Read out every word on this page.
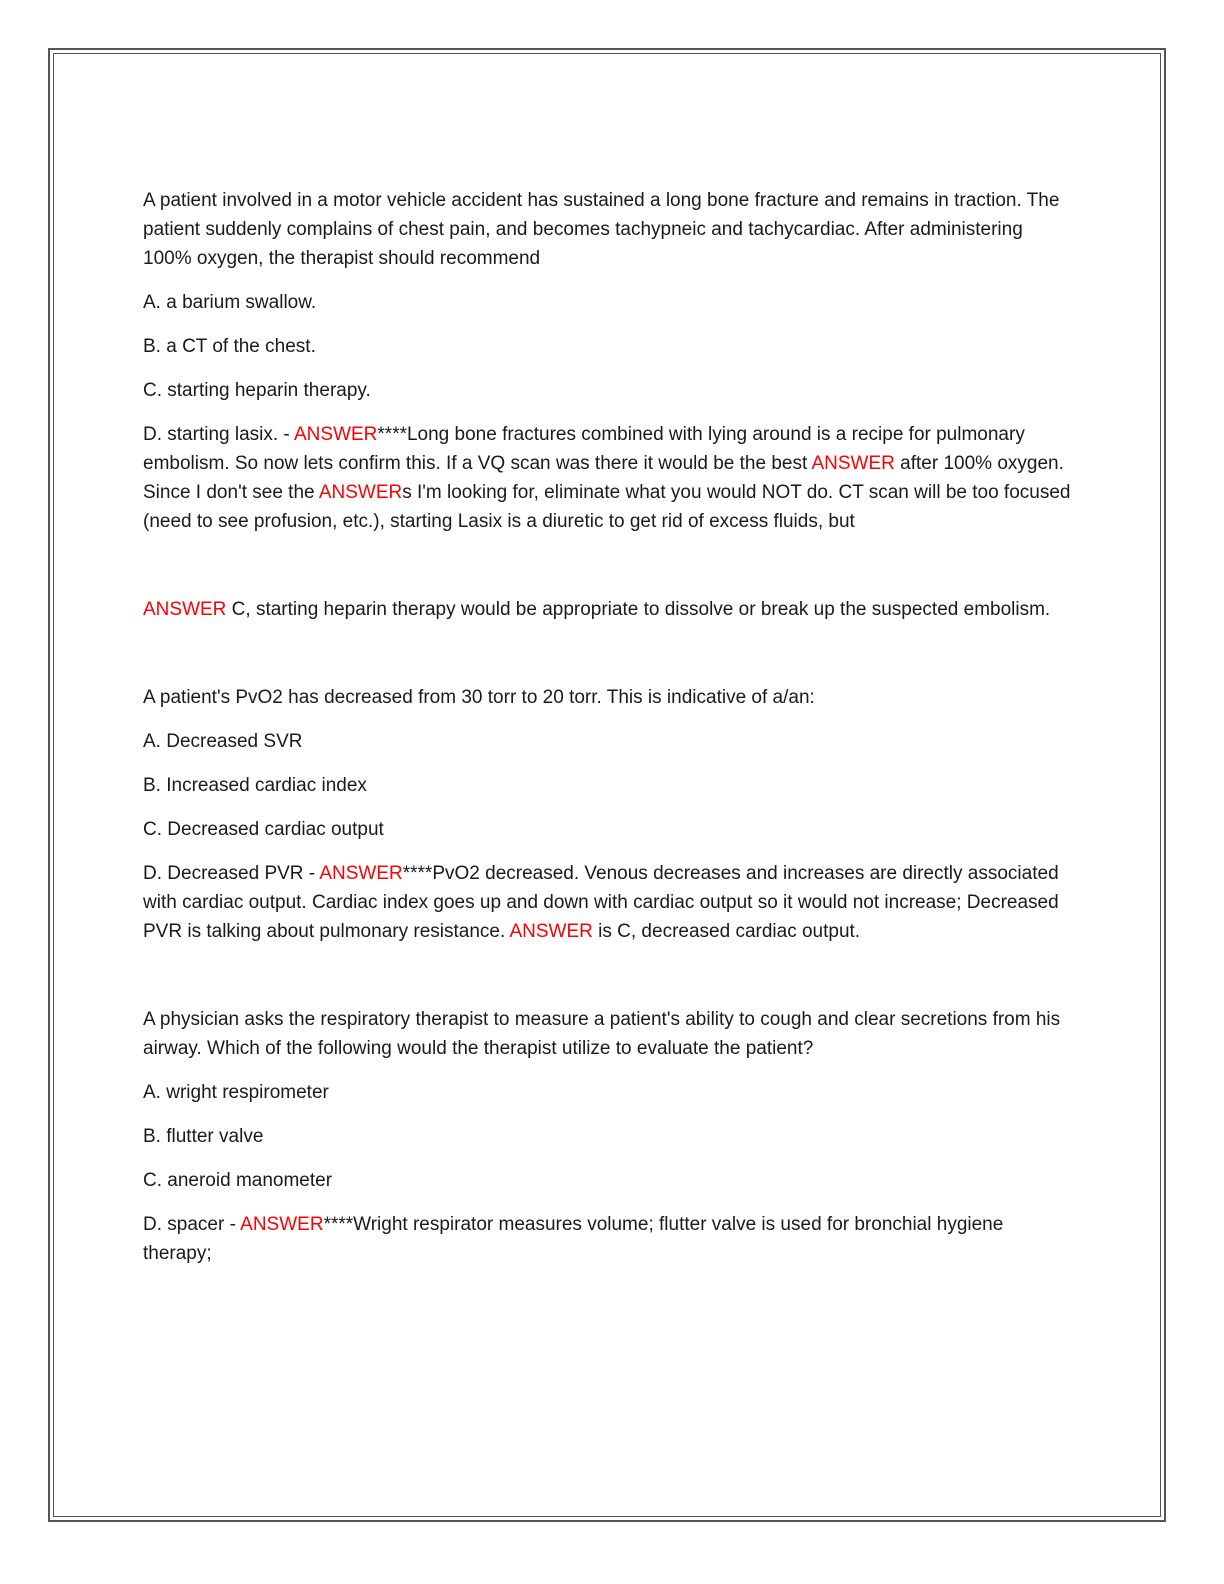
A patient involved in a motor vehicle accident has sustained a long bone fracture and remains in traction. The patient suddenly complains of chest pain, and becomes tachypneic and tachycardiac. After administering 100% oxygen, the therapist should recommend

A. a barium swallow.

B. a CT of the chest.

C. starting heparin therapy.

D. starting lasix. - ANSWER****Long bone fractures combined with lying around is a recipe for pulmonary embolism. So now lets confirm this. If a VQ scan was there it would be the best ANSWER after 100% oxygen. Since I don't see the ANSWERs I'm looking for, eliminate what you would NOT do. CT scan will be too focused (need to see profusion, etc.), starting Lasix is a diuretic to get rid of excess fluids, but

ANSWER C, starting heparin therapy would be appropriate to dissolve or break up the suspected embolism.

A patient's PvO2 has decreased from 30 torr to 20 torr. This is indicative of a/an:

A. Decreased SVR

B. Increased cardiac index

C. Decreased cardiac output

D. Decreased PVR - ANSWER****PvO2 decreased. Venous decreases and increases are directly associated with cardiac output. Cardiac index goes up and down with cardiac output so it would not increase; Decreased PVR is talking about pulmonary resistance. ANSWER is C, decreased cardiac output.

A physician asks the respiratory therapist to measure a patient's ability to cough and clear secretions from his airway. Which of the following would the therapist utilize to evaluate the patient?

A. wright respirometer

B. flutter valve

C. aneroid manometer

D. spacer - ANSWER****Wright respirator measures volume; flutter valve is used for bronchial hygiene therapy;
